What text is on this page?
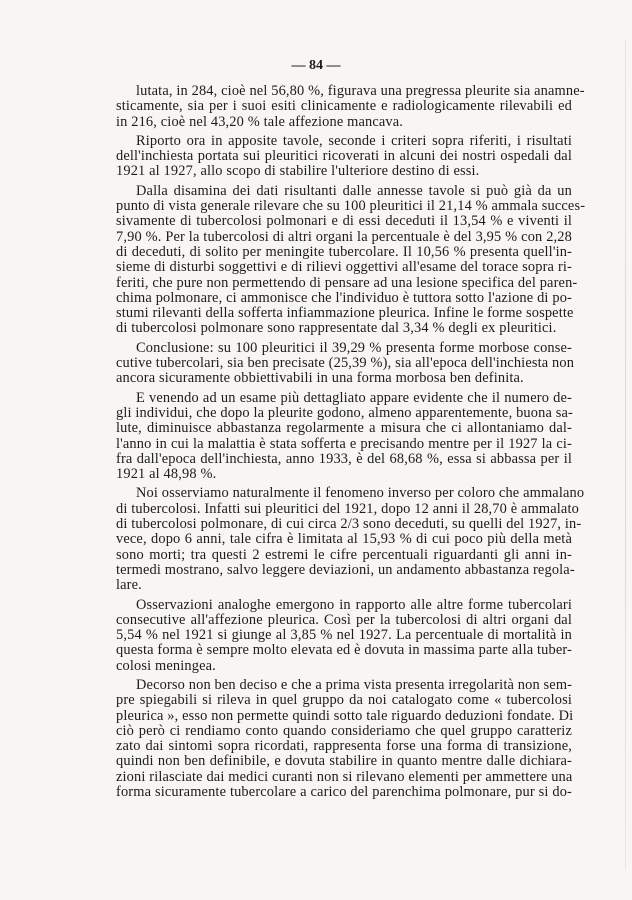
— 84 —
lutata, in 284, cioè nel 56,80 %, figurava una pregressa pleurite sia anamne-
sticamente, sia per i suoi esiti clinicamente e radiologicamente rilevabili ed
in 216, cioè nel 43,20 % tale affezione mancava.
Riporto ora in apposite tavole, seconde i criteri sopra riferiti, i risultati
dell'inchiesta portata sui pleuritici ricoverati in alcuni dei nostri ospedali dal
1921 al 1927, allo scopo di stabilire l'ulteriore destino di essi.
Dalla disamina dei dati risultanti dalle annesse tavole si può già da un
punto di vista generale rilevare che su 100 pleuritici il 21,14 % ammala succes-
sivamente di tubercolosi polmonari e di essi deceduti il 13,54 % e viventi il
7,90 %. Per la tubercolosi di altri organi la percentuale è del 3,95 % con 2,28
di deceduti, di solito per meningite tubercolare. Il 10,56 % presenta quell'in-
sieme di disturbi soggettivi e di rilievi oggettivi all'esame del torace sopra ri-
feriti, che pure non permettendo di pensare ad una lesione specifica del paren-
chima polmonare, ci ammonisce che l'individuo è tuttora sotto l'azione di po-
stumi rilevanti della sofferta infiammazione pleurica. Infine le forme sospette
di tubercolosi polmonare sono rappresentate dal 3,34 % degli ex pleuritici.
Conclusione: su 100 pleuritici il 39,29 % presenta forme morbose conse-
cutive tubercolari, sia ben precisate (25,39 %), sia all'epoca dell'inchiesta non
ancora sicuramente obbiettivabili in una forma morbosa ben definita.
E venendo ad un esame più dettagliato appare evidente che il numero de-
gli individui, che dopo la pleurite godono, almeno apparentemente, buona sa-
lute, diminuisce abbastanza regolarmente a misura che ci allontaniamo dal-
l'anno in cui la malattia è stata sofferta e precisando mentre per il 1927 la ci-
fra dall'epoca dell'inchiesta, anno 1933, è del 68,68 %, essa si abbassa per il
1921 al 48,98 %.
Noi osserviamo naturalmente il fenomeno inverso per coloro che ammalano
di tubercolosi. Infatti sui pleuritici del 1921, dopo 12 anni il 28,70 è ammalato
di tubercolosi polmonare, di cui circa 2/3 sono deceduti, su quelli del 1927, in-
vece, dopo 6 anni, tale cifra è limitata al 15,93 % di cui poco più della metà
sono morti; tra questi 2 estremi le cifre percentuali riguardanti gli anni in-
termedi mostrano, salvo leggere deviazioni, un andamento abbastanza regola-
lare.
Osservazioni analoghe emergono in rapporto alle altre forme tubercolari
consecutive all'affezione pleurica. Così per la tubercolosi di altri organi dal
5,54 % nel 1921 si giunge al 3,85 % nel 1927. La percentuale di mortalità in
questa forma è sempre molto elevata ed è dovuta in massima parte alla tuber-
colosi meningea.
Decorso non ben deciso e che a prima vista presenta irregolarità non sem-
pre spiegabili si rileva in quel gruppo da noi catalogato come « tubercolosi
pleurica », esso non permette quindi sotto tale riguardo deduzioni fondate. Di
ciò però ci rendiamo conto quando consideriamo che quel gruppo caratteriz
zato dai sintomi sopra ricordati, rappresenta forse una forma di transizione,
quindi non ben definibile, e dovuta stabilire in quanto mentre dalle dichiara-
zioni rilasciate dai medici curanti non si rilevano elementi per ammettere una
forma sicuramente tubercolare a carico del parenchima polmonare, pur si do-
